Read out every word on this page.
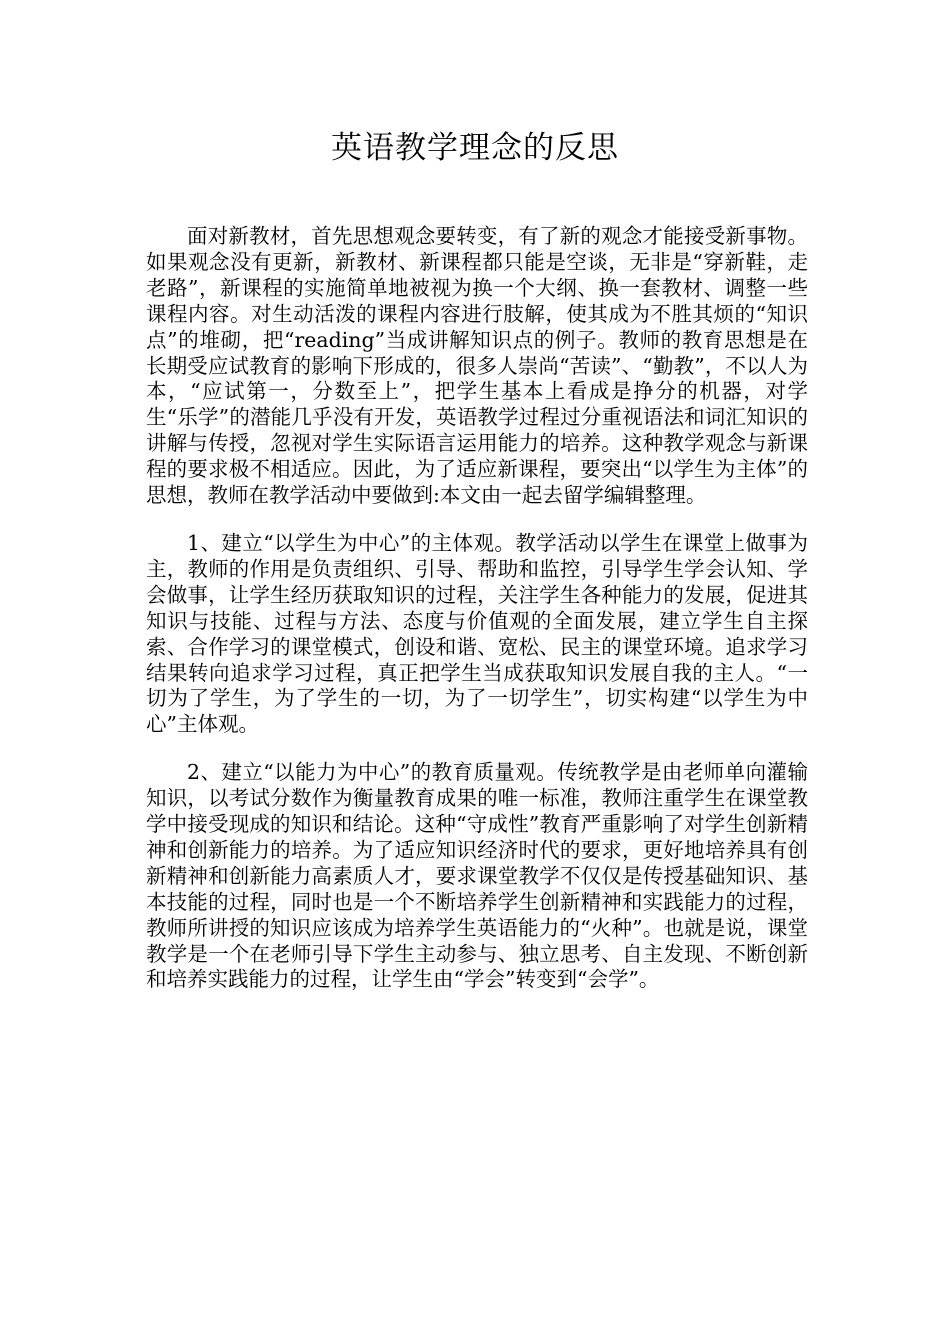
英语教学理念的反思

面对新教材，首先思想观念要转变，有了新的观念才能接受新事物。如果观念没有更新，新教材、新课程都只能是空谈，无非是“穿新鞋，走老路”，新课程的实施简单地被视为换一个大纲、换一套教材、调整一些课程内容。对生动活泼的课程内容进行肢解，使其成为不胜其烦的“知识点”的堆砌，把“reading”当成讲解知识点的例子。教师的教育思想是在长期受应试教育的影响下形成的，很多人崇尚“苦读”、“勤教”，不以人为本，“应试第一，分数至上”，把学生基本上看成是挣分的机器，对学生“乐学”的潜能几乎没有开发，英语教学过程过分重视语法和词汇知识的讲解与传授，忽视对学生实际语言运用能力的培养。这种教学观念与新课程的要求极不相适应。因此，为了适应新课程，要突出“以学生为主体”的思想，教师在教学活动中要做到:本文由一起去留学编辑整理。

1、建立“以学生为中心”的主体观。教学活动以学生在课堂上做事为主，教师的作用是负责组织、引导、帮助和监控，引导学生学会认知、学会做事，让学生经历获取知识的过程，关注学生各种能力的发展，促进其知识与技能、过程与方法、态度与价值观的全面发展，建立学生自主探索、合作学习的课堂模式，创设和谐、宽松、民主的课堂环境。追求学习结果转向追求学习过程，真正把学生当成获取知识发展自我的主人。“一切为了学生，为了学生的一切，为了一切学生”，切实构建“以学生为中心”主体观。

2、建立“以能力为中心”的教育质量观。传统教学是由老师单向灌输知识，以考试分数作为衡量教育成果的唯一标准，教师注重学生在课堂教学中接受现成的知识和结论。这种“守成性”教育严重影响了对学生创新精神和创新能力的培养。为了适应知识经济时代的要求，更好地培养具有创新精神和创新能力高素质人才，要求课堂教学不仅仅是传授基础知识、基本技能的过程，同时也是一个不断培养学生创新精神和实践能力的过程，教师所讲授的知识应该成为培养学生英语能力的“火种”。也就是说，课堂教学是一个在老师引导下学生主动参与、独立思考、自主发现、不断创新和培养实践能力的过程，让学生由“学会”转变到“会学”。
